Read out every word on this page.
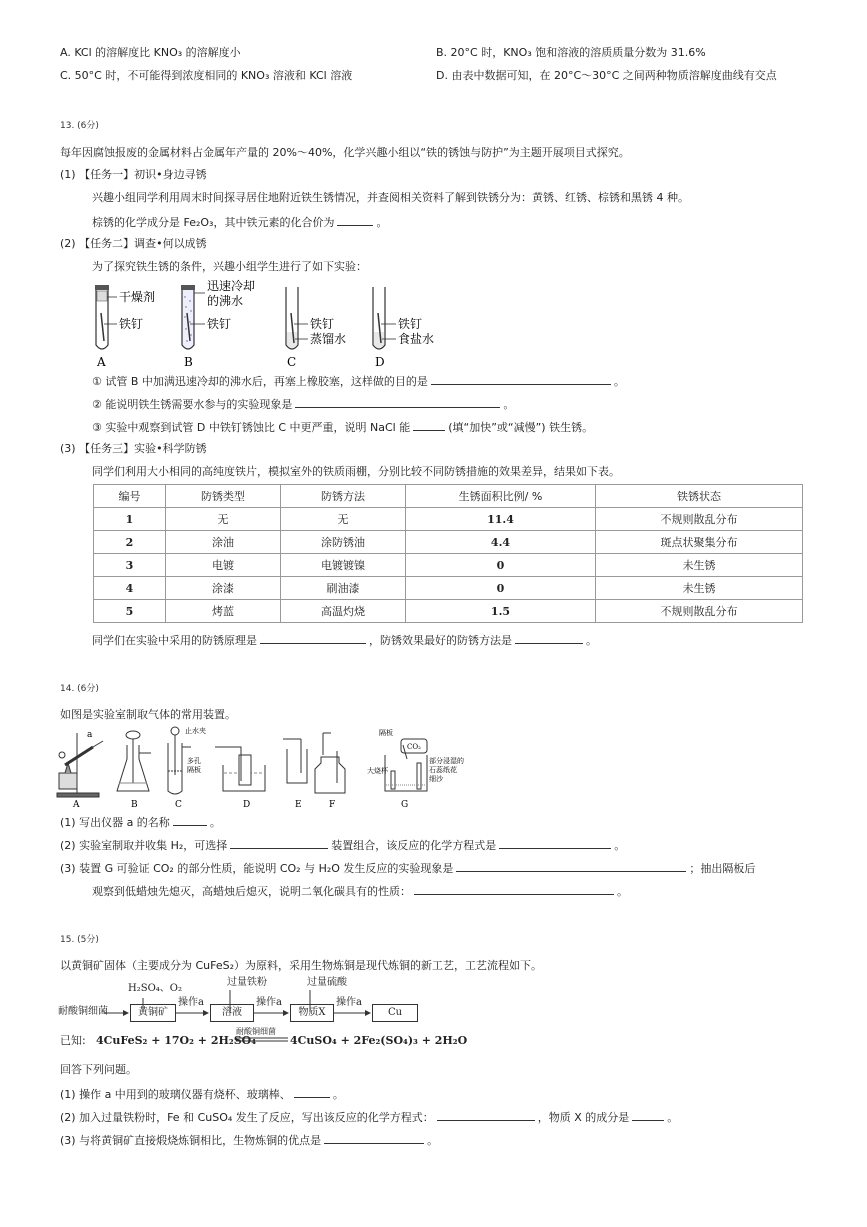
A. KCl 的溶解度比 KNO₃ 的溶解度小	B. 20°C 时，KNO₃ 饱和溶液的溶质质量分数为 31.6%
C. 50°C 时，不可能得到浓度相同的 KNO₃ 溶液和 KCl 溶液	D. 由表中数据可知，在 20°C～30°C 之间两种物质溶解度曲线有交点
13. (6分)
每年因腐蚀报废的金属材料占金属年产量的 20%～40%，化学兴趣小组以“铁的锈蚀与防护”为主题开展项目式探究。
(1) 【任务一】初识•身边寻锈
兴趣小组同学利用周末时间探寻居住地附近铁生锈情况，并查阅相关资料了解到铁锈分为：黄锈、红锈、棕锈和黑锈 4 种。
棕锈的化学成分是 Fe₂O₃，其中铁元素的化合价为	。
(2) 【任务二】调查•何以成锈
为了探究铁生锈的条件，兴趣小组学生进行了如下实验：
干燥剂
铁钉
A
迅速冷却
的沸水
铁钉
B
铁钉
蒸馏水
C
铁钉
食盐水
D
① 试管 B 中加满迅速冷却的沸水后，再塞上橡胶塞，这样做的目的是	。
② 能说明铁生锈需要水参与的实验现象是	。
③ 实验中观察到试管 D 中铁钉锈蚀比 C 中更严重，说明 NaCl 能	(填“加快”或“减慢”) 铁生锈。
(3) 【任务三】实验•科学防锈
同学们利用大小相同的高纯度铁片，模拟室外的铁质雨棚，分别比较不同防锈措施的效果差异，结果如下表。
编号	防锈类型	防锈方法	生锈面积比例/ %	铁锈状态
1	无	无	11.4	不规则散乱分布
2	涂油	涂防锈油	4.4	斑点状聚集分布
3	电镀	电镀镀镍	0	未生锈
4	涂漆	刷油漆	0	未生锈
5	烤蓝	高温灼烧	1.5	不规则散乱分布
同学们在实验中采用的防锈原理是	，防锈效果最好的防锈方法是	。
14. (6分)
如图是实验室制取气体的常用装置。
a
A	B
止水夹
多孔
隔板
C	D	E	F
隔板
CO₂
大烧杯
部分浸湿的
石蕊纸花
细沙
G
(1) 写出仪器 a 的名称	。
(2) 实验室制取并收集 H₂，可选择	装置组合，该反应的化学方程式是	。
(3) 装置 G 可验证 CO₂ 的部分性质，能说明 CO₂ 与 H₂O 发生反应的实验现象是	；抽出隔板后
观察到低蜡烛先熄灭，高蜡烛后熄灭，说明二氧化碳具有的性质：	。
15. (5分)
以黄铜矿固体（主要成分为 CuFeS₂）为原料，采用生物炼铜是现代炼铜的新工艺，工艺流程如下。
耐酸铜细菌
H₂SO₄、O₂
操作a
过量铁粉
操作a
过量硫酸
操作a
黄铜矿	溶液	物质X	Cu
已知: 4CuFeS₂ + 17O₂ + 2H₂SO₄
耐酸铜细菌
4CuSO₄ + 2Fe₂(SO₄)₃ + 2H₂O
回答下列问题。
(1) 操作 a 中用到的玻璃仪器有烧杯、玻璃棒、	。
(2) 加入过量铁粉时，Fe 和 CuSO₄ 发生了反应，写出该反应的化学方程式：	，物质 X 的成分是	。
(3) 与将黄铜矿直接煅烧炼铜相比，生物炼铜的优点是	。
